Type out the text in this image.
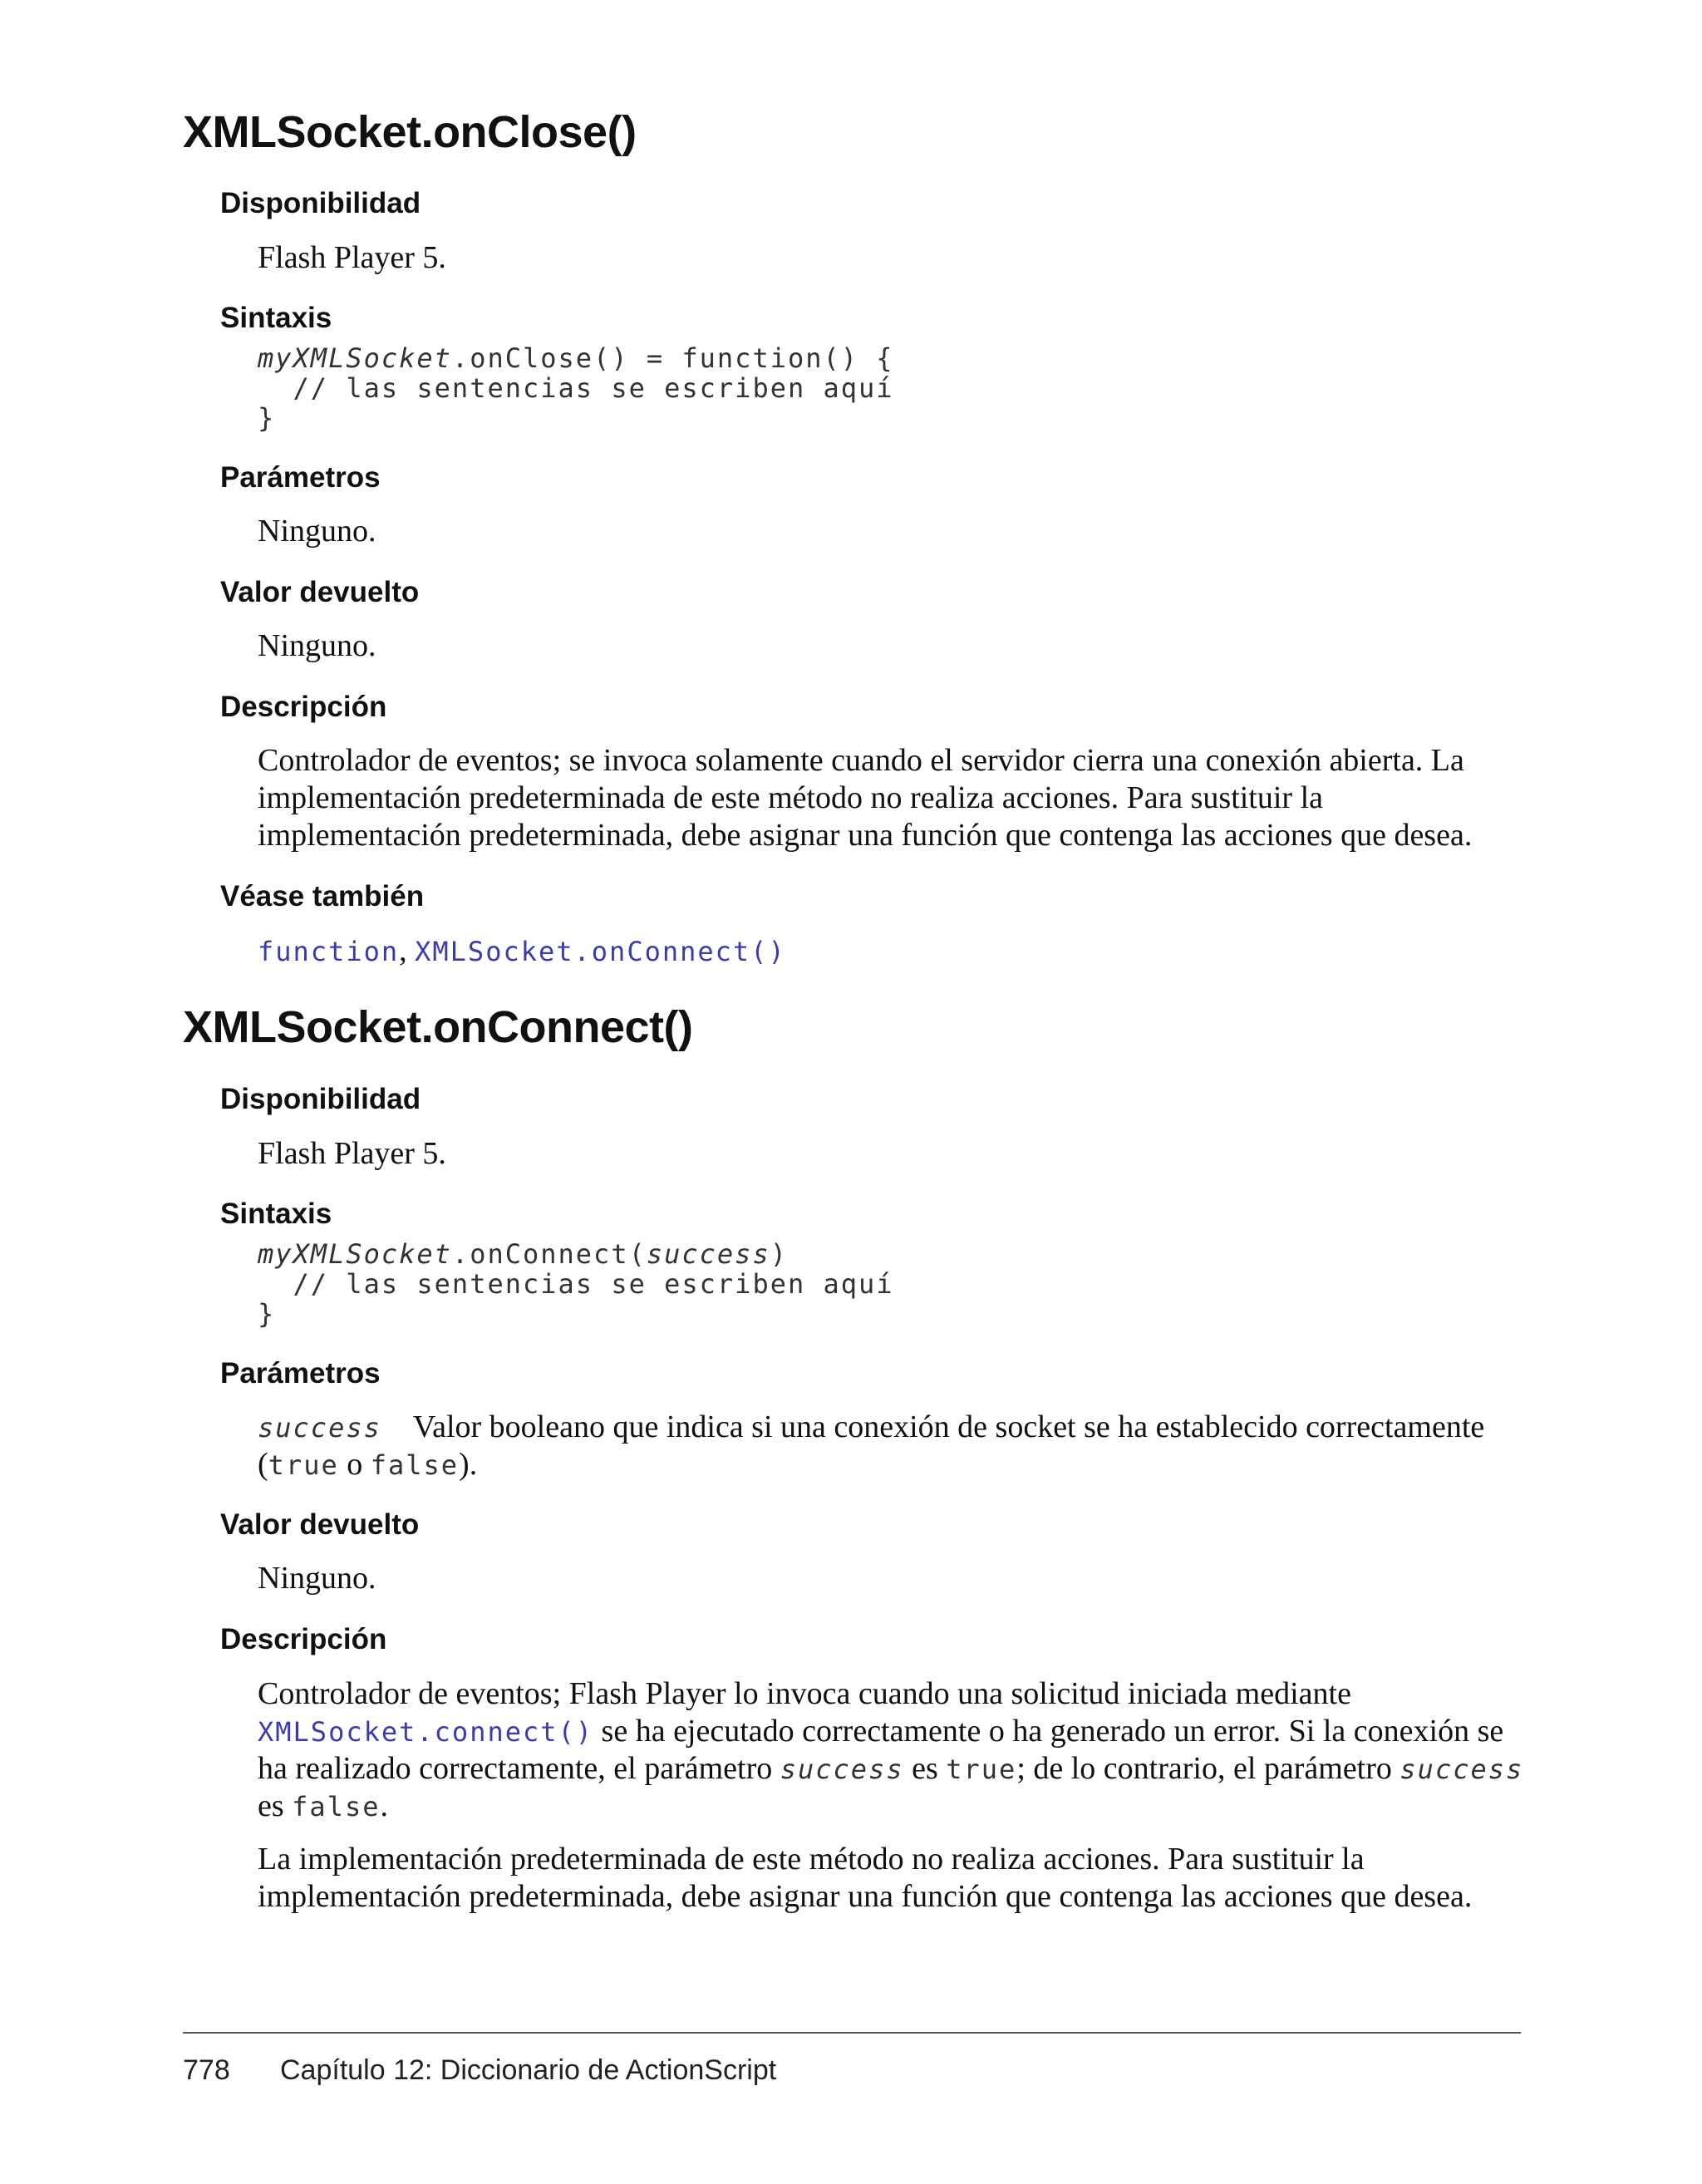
XMLSocket.onClose()
Disponibilidad

Flash Player 5.

Sintaxis
myXMLSocket.onClose() = function() {
// las sentencias se escriben aquí
}
Parámetros

Ninguno.

Valor devuelto

Ninguno.

Descripción

Controlador de eventos; se invoca solamente cuando el servidor cierra una conexión abierta. La

implementación predeterminada de este método no realiza acciones. Para sustituir la

implementación predeterminada, debe asignar una función que contenga las acciones que desea.

Véase también

function, XMLSocket.onConnect()

XMLSocket.onConnect()
Disponibilidad

Flash Player 5.

Sintaxis
myXMLSocket.onConnect(success)
// las sentencias se escriben aquí
}
Parámetros

success Valor booleano que indica si una conexión de socket se ha establecido correctamente

(true o false).

Valor devuelto

Ninguno.

Descripción

Controlador de eventos; Flash Player lo invoca cuando una solicitud iniciada mediante

XMLSocket.connect() se ha ejecutado correctamente o ha generado un error. Si la conexión se

ha realizado correctamente, el parámetro success es true; de lo contrario, el parámetro success

es false.

La implementación predeterminada de este método no realiza acciones. Para sustituir la

implementación predeterminada, debe asignar una función que contenga las acciones que desea.

778 Capítulo 12: Diccionario de ActionScript
